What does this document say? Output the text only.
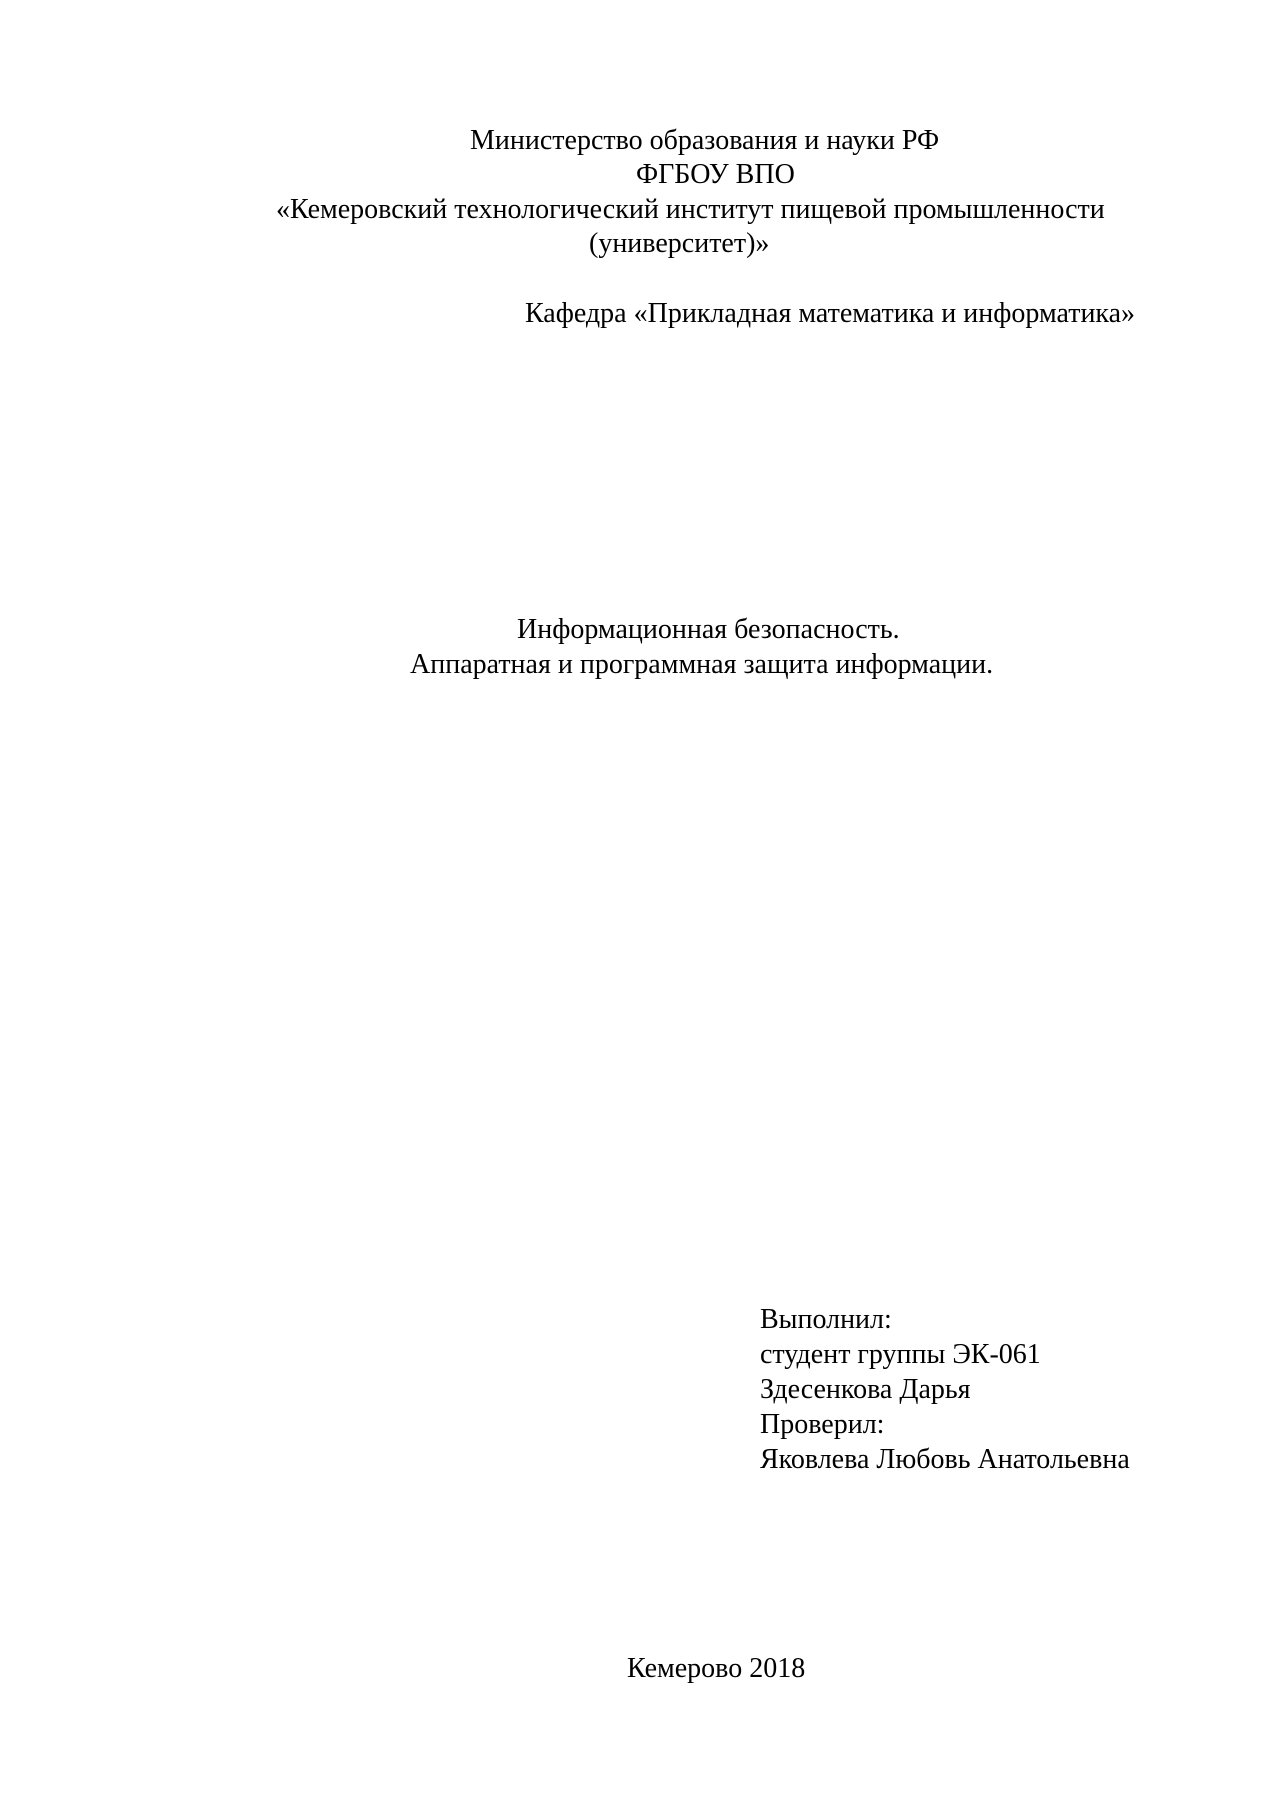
Министерство образования и науки РФ
ФГБОУ ВПО
«Кемеровский технологический институт пищевой промышленности
(университет)»
Кафедра «Прикладная математика и информатика»
Информационная безопасность.
Аппаратная и программная защита информации.
Выполнил:
студент группы ЭК-061
Здесенкова Дарья
Проверил:
Яковлева Любовь Анатольевна
Кемерово 2018
